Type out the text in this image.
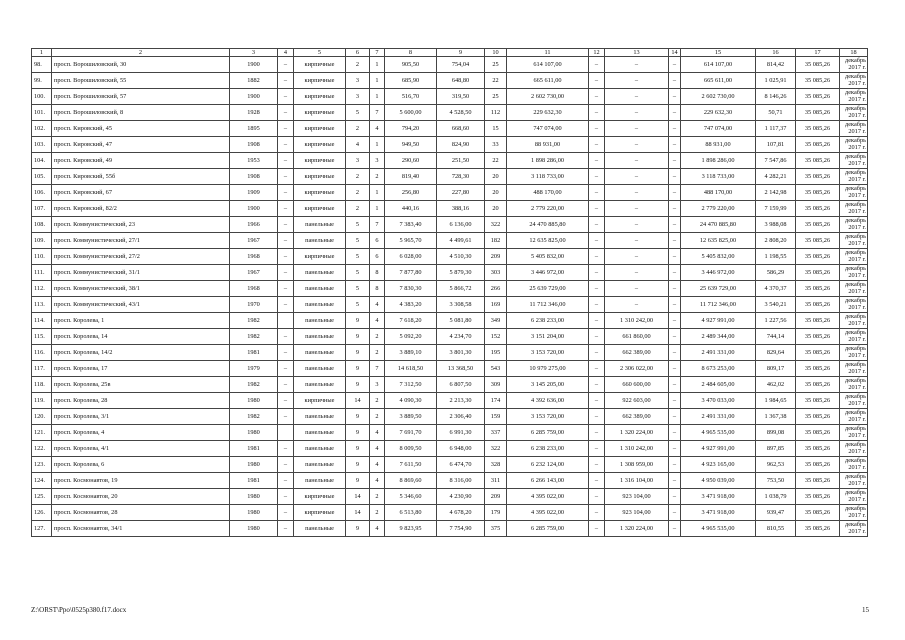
1	2	3	4	5	6	7	8	9	10	11	12	13	14	15	16	17	18
98.	просп. Ворошиловский, 30	1900	–	кирпичные	2	1	905,50	754,04	25	614 107,00	–	–	–	614 107,00	814,42	35 085,26	декабрь 2017 г.
99.	просп. Ворошиловский, 55	1882	–	кирпичные	3	1	685,90	648,80	22	665 611,00	–	–	–	665 611,00	1 025,91	35 085,26	декабрь 2017 г.
100.	просп. Ворошиловский, 57	1900	–	кирпичные	3	1	516,70	319,50	25	2 602 730,00	–	–	–	2 602 730,00	8 146,26	35 085,26	декабрь 2017 г.
101.	просп. Ворошиловский, 8	1928	–	кирпичные	5	7	5 600,00	4 528,50	112	229 632,30	–	–	–	229 632,30	50,71	35 085,26	декабрь 2017 г.
102.	просп. Кировский, 45	1895	–	кирпичные	2	4	794,20	668,60	15	747 074,00	–	–	–	747 074,00	1 117,37	35 085,26	декабрь 2017 г.
103.	просп. Кировский, 47	1908	–	кирпичные	4	1	949,50	824,90	33	88 931,00	–	–	–	88 931,00	107,81	35 085,26	декабрь 2017 г.
104.	просп. Кировский, 49	1953	–	кирпичные	3	3	290,60	251,50	22	1 898 286,00	–	–	–	1 898 286,00	7 547,86	35 085,26	декабрь 2017 г.
105.	просп. Кировский, 55б	1908	–	кирпичные	2	2	819,40	728,30	20	3 118 733,00	–	–	–	3 118 733,00	4 282,21	35 085,26	декабрь 2017 г.
106.	просп. Кировский, 67	1909	–	кирпичные	2	1	256,80	227,80	20	488 170,00	–	–	–	488 170,00	2 142,98	35 085,26	декабрь 2017 г.
107.	просп. Кировский, 82/2	1900	–	кирпичные	2	1	440,16	388,16	20	2 779 220,00	–	–	–	2 779 220,00	7 159,99	35 085,26	декабрь 2017 г.
108.	просп. Коммунистический, 23	1966	–	панельные	5	7	7 383,40	6 136,00	322	24 470 885,80	–	–	–	24 470 885,80	3 988,08	35 085,26	декабрь 2017 г.
109.	просп. Коммунистический, 27/1	1967	–	панельные	5	6	5 965,70	4 499,61	182	12 635 825,00	–	–	–	12 635 825,00	2 808,20	35 085,26	декабрь 2017 г.
110.	просп. Коммунистический, 27/2	1968	–	кирпичные	5	6	6 028,00	4 510,30	209	5 405 832,00	–	–	–	5 405 832,00	1 198,55	35 085,26	декабрь 2017 г.
111.	просп. Коммунистический, 31/1	1967	–	панельные	5	8	7 877,80	5 879,30	303	3 446 972,00	–	–	–	3 446 972,00	586,29	35 085,26	декабрь 2017 г.
112.	просп. Коммунистический, 38/1	1968	–	панельные	5	8	7 830,30	5 866,72	266	25 639 729,00	–	–	–	25 639 729,00	4 370,37	35 085,26	декабрь 2017 г.
113.	просп. Коммунистический, 43/1	1970	–	панельные	5	4	4 383,20	3 308,58	169	11 712 346,00	–	–	–	11 712 346,00	3 540,21	35 085,26	декабрь 2017 г.
114.	просп. Королева, 1	1982		панельные	9	4	7 618,20	5 081,80	349	6 238 233,00	–	1 310 242,00	–	4 927 991,00	1 227,56	35 085,26	декабрь 2017 г.
115.	просп. Королева, 14	1982	–	панельные	9	2	5 092,20	4 234,70	152	3 151 204,00	–	661 860,00	–	2 489 344,00	744,14	35 085,26	декабрь 2017 г.
116.	просп. Королева, 14/2	1981	–	панельные	9	2	3 889,10	3 801,30	195	3 153 720,00	–	662 389,00	–	2 491 331,00	829,64	35 085,26	декабрь 2017 г.
117.	просп. Королева, 17	1979	–	панельные	9	7	14 618,50	13 368,50	543	10 979 275,00	–	2 306 022,00	–	8 673 253,00	809,17	35 085,26	декабрь 2017 г.
118.	просп. Королева, 25в	1982	–	панельные	9	3	7 312,50	6 807,50	309	3 145 205,00	–	660 600,00	–	2 484 605,00	462,02	35 085,26	декабрь 2017 г.
119.	просп. Королева, 28	1980	–	кирпичные	14	2	4 090,30	2 213,30	174	4 392 636,00	–	922 603,00	–	3 470 033,00	1 984,65	35 085,26	декабрь 2017 г.
120.	просп. Королева, 3/1	1982	–	панельные	9	2	3 889,50	2 306,40	159	3 153 720,00	–	662 389,00	–	2 491 331,00	1 367,38	35 085,26	декабрь 2017 г.
121.	просп. Королева, 4	1980		панельные	9	4	7 691,70	6 991,30	337	6 285 759,00	–	1 320 224,00	–	4 965 535,00	899,08	35 085,26	декабрь 2017 г.
122.	просп. Королева, 4/1	1981	–	панельные	9	4	8 009,50	6 948,00	322	6 238 233,00	–	1 310 242,00	–	4 927 991,00	897,85	35 085,26	декабрь 2017 г.
123.	просп. Королева, 6	1980	–	панельные	9	4	7 611,50	6 474,70	328	6 232 124,00	–	1 308 959,00	–	4 923 165,00	962,53	35 085,26	декабрь 2017 г.
124.	просп. Космонавтов, 19	1981	–	панельные	9	4	8 869,60	8 316,00	311	6 266 143,00	–	1 316 104,00	–	4 950 039,00	753,50	35 085,26	декабрь 2017 г.
125.	просп. Космонавтов, 20	1980	–	кирпичные	14	2	5 346,60	4 230,90	209	4 395 022,00	–	923 104,00	–	3 471 918,00	1 038,79	35 085,26	декабрь 2017 г.
126.	просп. Космонавтов, 28	1980	–	кирпичные	14	2	6 513,80	4 678,20	179	4 395 022,00	–	923 104,00	–	3 471 918,00	939,47	35 085,26	декабрь 2017 г.
127.	просп. Космонавтов, 34/1	1980	–	панельные	9	4	9 823,95	7 754,90	375	6 285 759,00	–	1 320 224,00	–	4 965 535,00	810,55	35 085,26	декабрь 2017 г.
Z:\ORST\Ppo\0525p380.f17.docx	15
